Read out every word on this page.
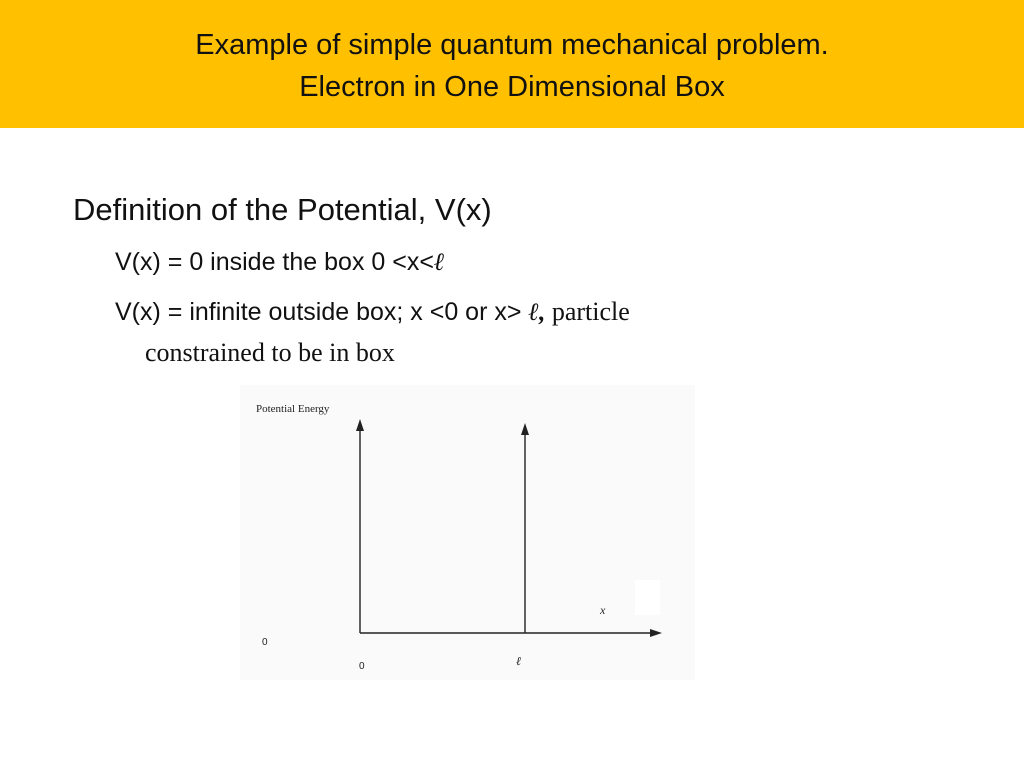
Example of simple quantum mechanical problem.
Electron in One Dimensional Box
Definition of the Potential, V(x)
V(x) = 0 inside the box 0 <x<ℓ
V(x) = infinite outside box; x <0 or x> ℓ, particle
constrained to be in box
Potential Energy
x
0
0	ℓ
